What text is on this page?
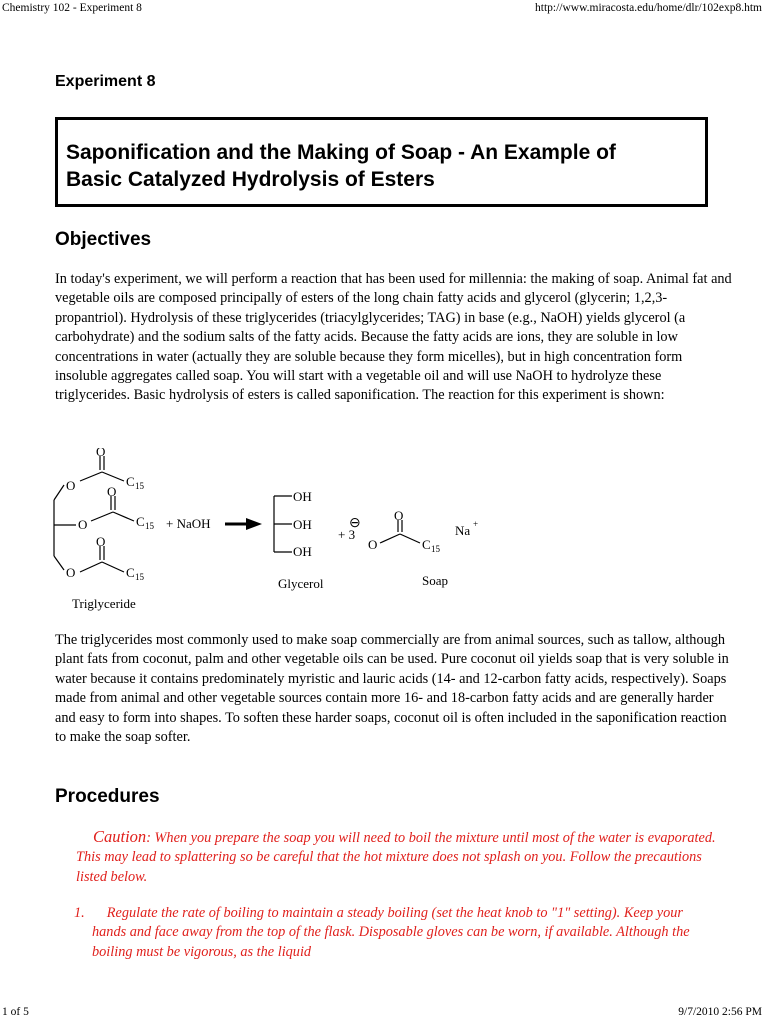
Chemistry 102 - Experiment 8	http://www.miracosta.edu/home/dlr/102exp8.htm
Experiment 8
Saponification and the Making of Soap - An Example of
Basic Catalyzed Hydrolysis of Esters
Objectives

In today's experiment, we will perform a reaction that has been used for millennia: the making of soap. Animal fat and vegetable oils are composed principally of esters of the long chain fatty acids and glycerol (glycerin; 1,2,3-propantriol). Hydrolysis of these triglycerides (triacylglycerides; TAG) in base (e.g., NaOH) yields glycerol (a carbohydrate) and the sodium salts of the fatty acids. Because the fatty acids are ions, they are soluble in low concentrations in water (actually they are soluble because they form micelles), but in high concentration form insoluble aggregates called soap. You will start with a vegetable oil and will use NaOH to hydrolyze these triglycerides. Basic hydrolysis of esters is called saponification. The reaction for this experiment is shown:

O
O
O
O
O
O
C 15
C 15
C 15
+ NaOH
OH
OH
OH
+ 3
⊖
O
O
C 15
Na +
Triglyceride
Glycerol	Soap

The triglycerides most commonly used to make soap commercially are from animal sources, such as tallow, although plant fats from coconut, palm and other vegetable oils can be used. Pure coconut oil yields soap that is very soluble in water because it contains predominately myristic and lauric acids (14- and 12-carbon fatty acids, respectively). Soaps made from animal and other vegetable sources contain more 16- and 18-carbon fatty acids and are generally harder and easy to form into shapes. To soften these harder soaps, coconut oil is often included in the saponification reaction to make the soap softer.

Procedures

Caution: When you prepare the soap you will need to boil the mixture until most of the water is evaporated. This may lead to splattering so be careful that the hot mixture does not splash on you. Follow the precautions listed below.

1. Regulate the rate of boiling to maintain a steady boiling (set the heat knob to "1" setting). Keep your hands and face away from the top of the flask. Disposable gloves can be worn, if available. Although the boiling must be vigorous, as the liquid

1 of 5	9/7/2010 2:56 PM
